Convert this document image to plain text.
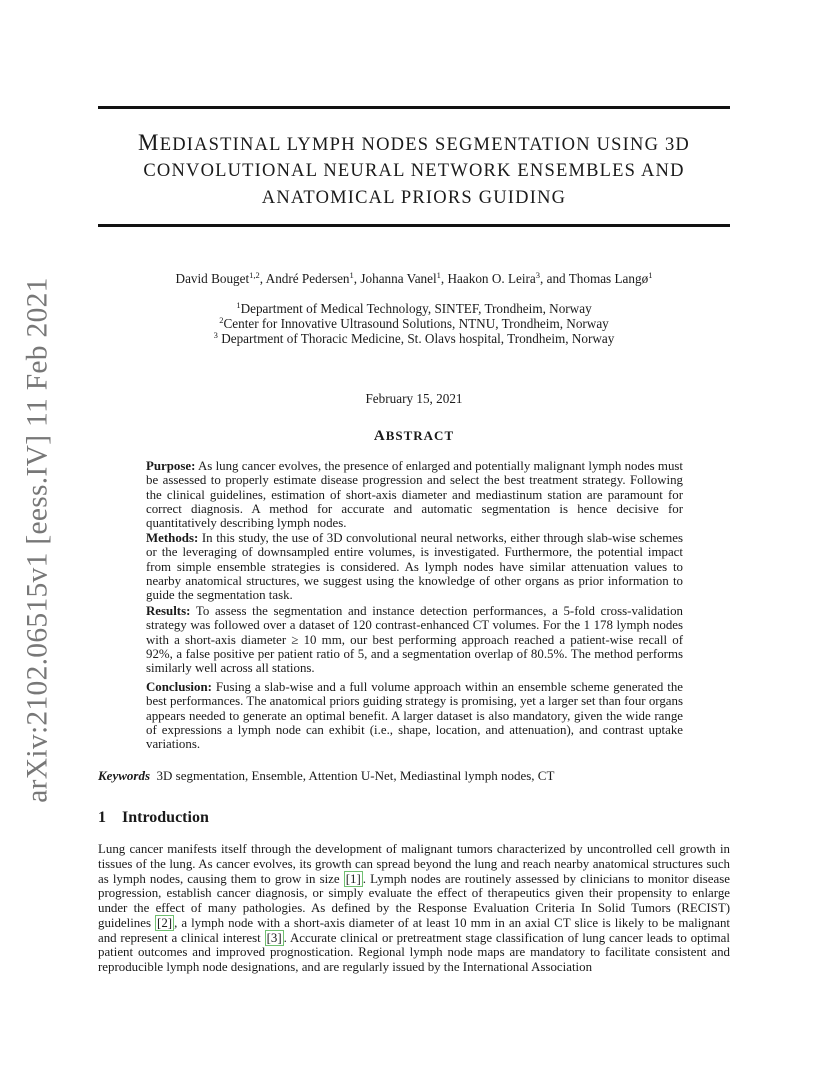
arXiv:2102.06515v1 [eess.IV] 11 Feb 2021
MEDIASTINAL LYMPH NODES SEGMENTATION USING 3D
CONVOLUTIONAL NEURAL NETWORK ENSEMBLES AND
ANATOMICAL PRIORS GUIDING
David Bouget$^{1,2}$, André Pedersen$^1$, Johanna Vanel$^1$, Haakon O. Leira$^3$, and Thomas Langø$^1$
$^1$Department of Medical Technology, SINTEF, Trondheim, Norway
$^2$Center for Innovative Ultrasound Solutions, NTNU, Trondheim, Norway
$^3$ Department of Thoracic Medicine, St. Olavs hospital, Trondheim, Norway
February 15, 2021
ABSTRACT
Purpose: As lung cancer evolves, the presence of enlarged and potentially malignant lymph nodes must be assessed to properly estimate disease progression and select the best treatment strategy. Following the clinical guidelines, estimation of short-axis diameter and mediastinum station are paramount for correct diagnosis. A method for accurate and automatic segmentation is hence decisive for quantitatively describing lymph nodes.
Methods: In this study, the use of 3D convolutional neural networks, either through slab-wise schemes or the leveraging of downsampled entire volumes, is investigated. Furthermore, the potential impact from simple ensemble strategies is considered. As lymph nodes have similar attenuation values to nearby anatomical structures, we suggest using the knowledge of other organs as prior information to guide the segmentation task.
Results: To assess the segmentation and instance detection performances, a 5-fold cross-validation strategy was followed over a dataset of 120 contrast-enhanced CT volumes. For the 1 178 lymph nodes with a short-axis diameter ≥ 10 mm, our best performing approach reached a patient-wise recall of 92%, a false positive per patient ratio of 5, and a segmentation overlap of 80.5%. The method performs similarly well across all stations.
Conclusion: Fusing a slab-wise and a full volume approach within an ensemble scheme generated the best performances. The anatomical priors guiding strategy is promising, yet a larger set than four organs appears needed to generate an optimal benefit. A larger dataset is also mandatory, given the wide range of expressions a lymph node can exhibit (i.e., shape, location, and attenuation), and contrast uptake variations.
Keywords 3D segmentation, Ensemble, Attention U-Net, Mediastinal lymph nodes, CT
1 Introduction
Lung cancer manifests itself through the development of malignant tumors characterized by uncontrolled cell growth in tissues of the lung. As cancer evolves, its growth can spread beyond the lung and reach nearby anatomical structures such as lymph nodes, causing them to grow in size [1] . Lymph nodes are routinely assessed by clinicians to monitor disease progression, establish cancer diagnosis, or simply evaluate the effect of therapeutics given their propensity to enlarge under the effect of many pathologies. As defined by the Response Evaluation Criteria In Solid Tumors (RECIST) guidelines [2] , a lymph node with a short-axis diameter of at least 10 mm in an axial CT slice is likely to be malignant and represent a clinical interest [3] . Accurate clinical or pretreatment stage classification of lung cancer leads to optimal patient outcomes and improved prognostication. Regional lymph node maps are mandatory to facilitate consistent and reproducible lymph node designations, and are regularly issued by the International Association
